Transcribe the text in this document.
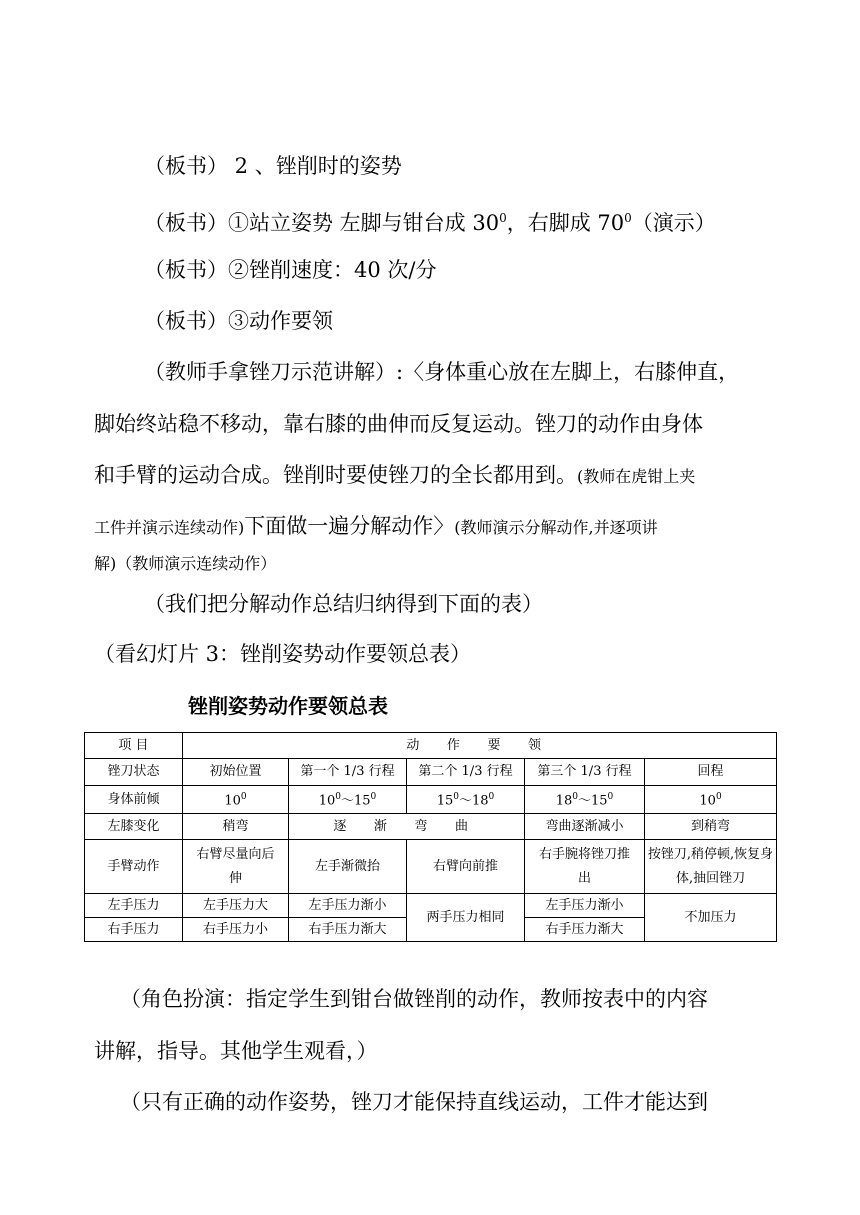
（板书） 2 、锉削时的姿势
（板书）①站立姿势 左脚与钳台成 $30^0$，右脚成 $70^0$（演示）
（板书）②锉削速度：40 次/分
（板书）③动作要领
（教师手拿锉刀示范讲解）:〈身体重心放在左脚上，右膝伸直，
脚始终站稳不移动，靠右膝的曲伸而反复运动。锉刀的动作由身体
和手臂的运动合成。锉削时要使锉刀的全长都用到。(教师在虎钳上夹
工件并演示连续动作)下面做一遍分解动作〉(教师演示分解动作,并逐项讲
解)（教师演示连续动作）
（我们把分解动作总结归纳得到下面的表）
（看幻灯片 3：锉削姿势动作要领总表）
锉削姿势动作要领总表
项 目	动 作 要 领				
锉刀状态	初始位置	第一个 1/3 行程	第二个 1/3 行程	第三个 1/3 行程	回程
身体前倾	$10^0$	$10^0\sim 15^0$	$15^0\sim 18^0$	$18^0\sim 15^0$	$10^0$
左膝变化	稍弯	逐 渐 弯 曲		弯曲逐渐减小	到稍弯
手臂动作	右臂尽量向后伸	左手渐微抬	右臂向前推	右手腕将锉刀推出	按锉刀,稍停顿,恢复身体,抽回锉刀
左手压力	左手压力大	左手压力渐小	两手压力相同	左手压力渐小	不加压力
右手压力	右手压力小	右手压力渐大		右手压力渐大	
（角色扮演：指定学生到钳台做锉削的动作，教师按表中的内容
讲解，指导。其他学生观看，）
（只有正确的动作姿势，锉刀才能保持直线运动，工件才能达到
